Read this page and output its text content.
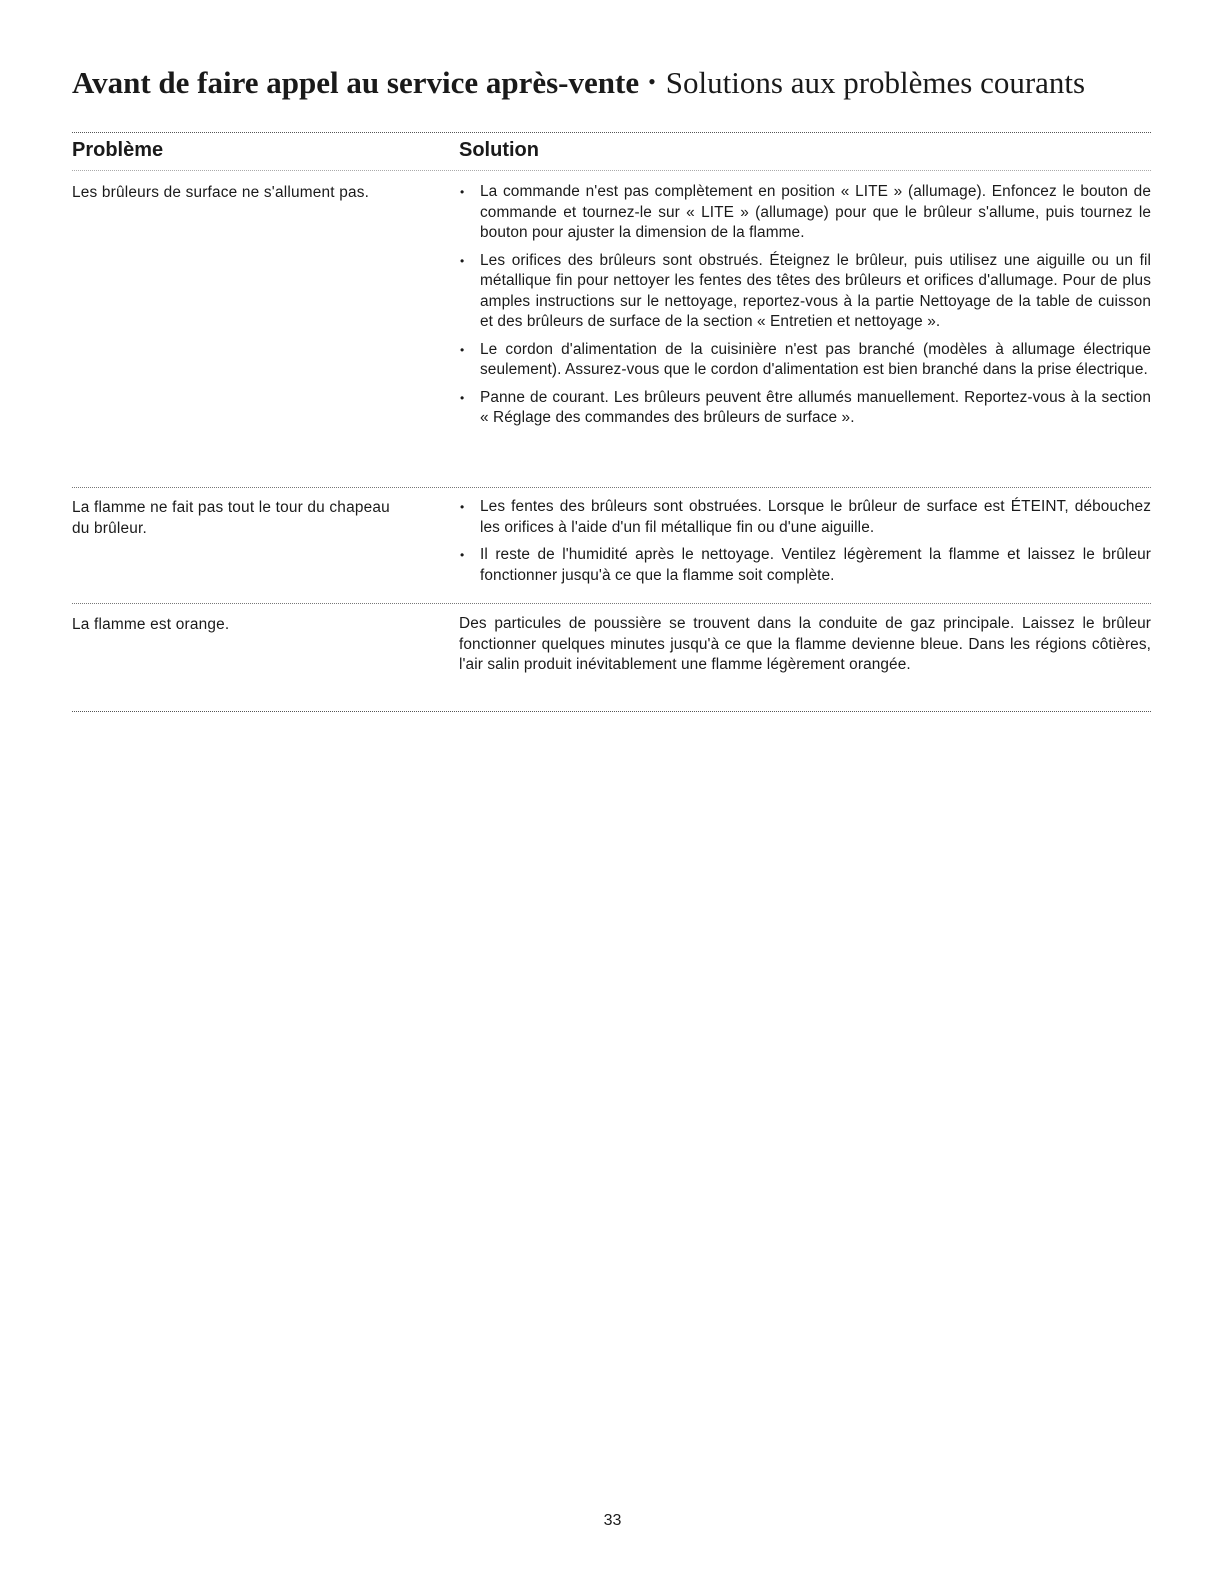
Avant de faire appel au service après-vente • Solutions aux problèmes courants
Problème	Solution

Les brûleurs de surface ne s'allument pas.

•	La commande n'est pas complètement en position « LITE » (allumage). Enfoncez le bouton de commande et tournez-le sur « LITE » (allumage) pour que le brûleur s'allume, puis tournez le bouton pour ajuster la dimension de la flamme.
• Les orifices des brûleurs sont obstrués. Éteignez le brûleur, puis utilisez une aiguille ou un fil métallique fin pour nettoyer les fentes des têtes des brûleurs et orifices d'allumage. Pour de plus amples instructions sur le nettoyage, reportez-vous à la partie Nettoyage de la table de cuisson et des brûleurs de surface de la section « Entretien et nettoyage ».
• Le cordon d'alimentation de la cuisinière n'est pas branché (modèles à allumage électrique seulement). Assurez-vous que le cordon d'alimentation est bien branché dans la prise électrique.
• Panne de courant. Les brûleurs peuvent être allumés manuellement. Reportez-vous à la section « Réglage des commandes des brûleurs de surface ».

La flamme ne fait pas tout le tour du chapeau du brûleur.

• Les fentes des brûleurs sont obstruées. Lorsque le brûleur de surface est ÉTEINT, débouchez les orifices à l'aide d'un fil métallique fin ou d'une aiguille.
• Il reste de l'humidité après le nettoyage. Ventilez légèrement la flamme et laissez le brûleur fonctionner jusqu'à ce que la flamme soit complète.

La flamme est orange.	Des particules de poussière se trouvent dans la conduite de gaz principale. Laissez le brûleur fonctionner quelques minutes jusqu'à ce que la flamme devienne bleue. Dans les régions côtières, l'air salin produit inévitablement une flamme légèrement orangée.

33
